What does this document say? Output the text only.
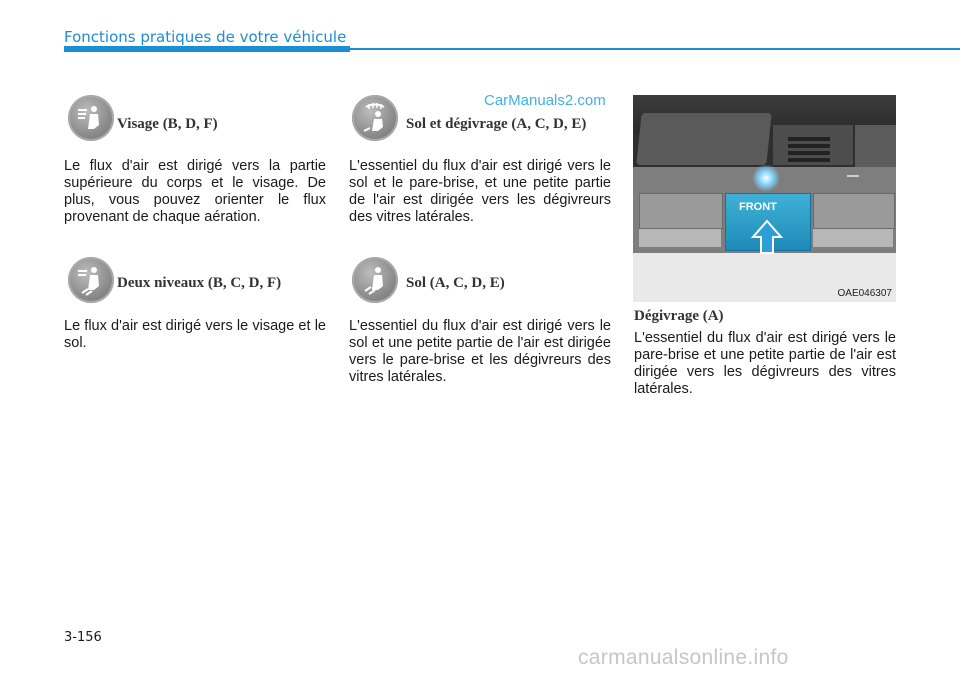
Fonctions pratiques de votre véhicule
CarManuals2.com
Visage (B, D, F)
Le flux d'air est dirigé vers la partie supérieure du corps et le visage. De plus, vous pouvez orienter le flux provenant de chaque aération.
Deux niveaux (B, C, D, F)
Le flux d'air est dirigé vers le visage et le sol.
Sol et dégivrage (A, C, D, E)
L'essentiel du flux d'air est dirigé vers le sol et le pare-brise, et une petite partie de l'air est dirigée vers les dégivreurs des vitres latérales.
Sol (A, C, D, E)
L'essentiel du flux d'air est dirigé vers le sol et une petite partie de l'air est dirigée vers le pare-brise et les dégivreurs des vitres latérales.
FRONT
OAE046307
Dégivrage (A)
L'essentiel du flux d'air est dirigé vers le pare-brise et une petite partie de l'air est dirigée vers les dégivreurs des vitres latérales.
3-156
carmanualsonline.info
